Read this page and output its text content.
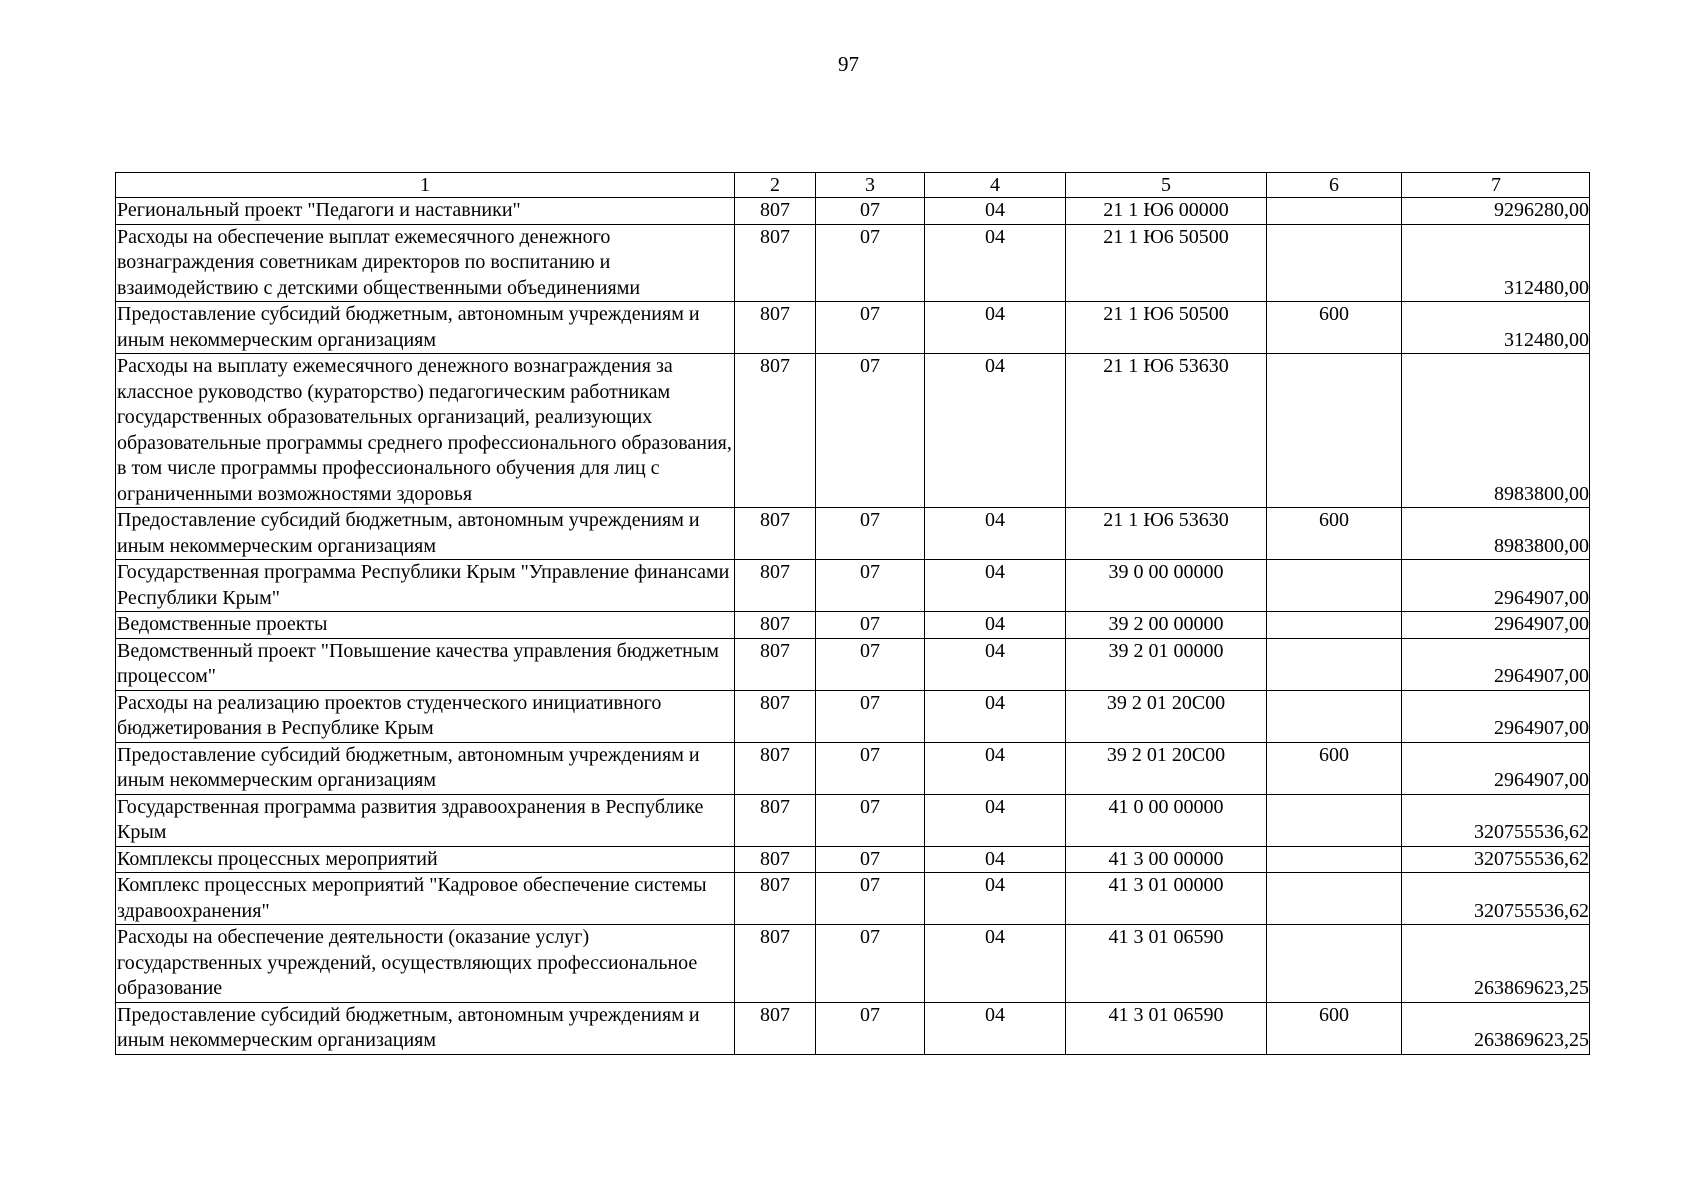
97
1	2	3	4	5	6	7
Региональный проект "Педагоги и наставники"	807	07	04	21 1 Ю6 00000		9296280,00
Расходы на обеспечение выплат ежемесячного денежного вознаграждения советникам директоров по воспитанию и взаимодействию с детскими общественными объединениями	807	07	04	21 1 Ю6 50500		312480,00
Предоставление субсидий бюджетным, автономным учреждениям и иным некоммерческим организациям	807	07	04	21 1 Ю6 50500	600	312480,00
Расходы на выплату ежемесячного денежного вознаграждения за классное руководство (кураторство) педагогическим работникам государственных образовательных организаций, реализующих образовательные программы среднего профессионального образования, в том числе программы профессионального обучения для лиц с ограниченными возможностями здоровья	807	07	04	21 1 Ю6 53630		8983800,00
Предоставление субсидий бюджетным, автономным учреждениям и иным некоммерческим организациям	807	07	04	21 1 Ю6 53630	600	8983800,00
Государственная программа Республики Крым "Управление финансами Республики Крым"	807	07	04	39 0 00 00000		2964907,00
Ведомственные проекты	807	07	04	39 2 00 00000		2964907,00
Ведомственный проект "Повышение качества управления бюджетным процессом"	807	07	04	39 2 01 00000		2964907,00
Расходы на реализацию проектов студенческого инициативного бюджетирования в Республике Крым	807	07	04	39 2 01 20С00		2964907,00
Предоставление субсидий бюджетным, автономным учреждениям и иным некоммерческим организациям	807	07	04	39 2 01 20С00	600	2964907,00
Государственная программа развития здравоохранения в Республике Крым	807	07	04	41 0 00 00000		320755536,62
Комплексы процессных мероприятий	807	07	04	41 3 00 00000		320755536,62
Комплекс процессных мероприятий "Кадровое обеспечение системы здравоохранения"	807	07	04	41 3 01 00000		320755536,62
Расходы на обеспечение деятельности (оказание услуг) государственных учреждений, осуществляющих профессиональное образование	807	07	04	41 3 01 06590		263869623,25
Предоставление субсидий бюджетным, автономным учреждениям и иным некоммерческим организациям	807	07	04	41 3 01 06590	600	263869623,25
